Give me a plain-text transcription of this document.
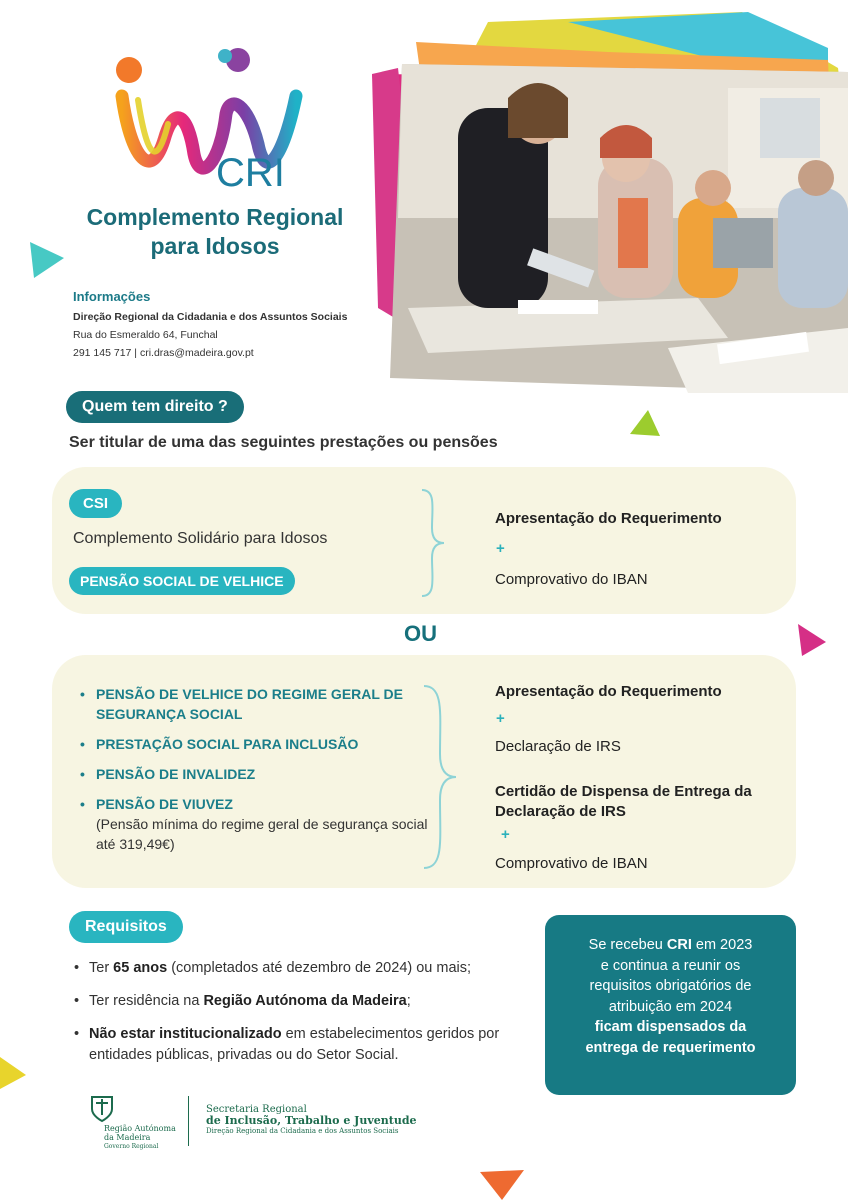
CRI
Complemento Regional
para Idosos
Informações
Direção Regional da Cidadania e dos Assuntos Sociais
Rua do Esmeraldo 64, Funchal
291 145 717 | cri.dras@madeira.gov.pt
Quem tem direito ?
Ser titular de uma das seguintes prestações ou pensões
CSI
Complemento Solidário para Idosos
PENSÃO SOCIAL DE VELHICE
Apresentação do Requerimento
+
Comprovativo do IBAN
OU
• PENSÃO DE VELHICE DO REGIME GERAL DE SEGURANÇA SOCIAL
• PRESTAÇÃO SOCIAL PARA INCLUSÃO
• PENSÃO DE INVALIDEZ
• PENSÃO DE VIUVEZ
(Pensão mínima do regime geral de segurança social até 319,49€)
Apresentação do Requerimento
+
Declaração de IRS
Certidão de Dispensa de Entrega da Declaração de IRS
+
Comprovativo de IBAN
Requisitos
• Ter 65 anos (completados até dezembro de 2024) ou mais;
• Ter residência na Região Autónoma da Madeira;
• Não estar institucionalizado em estabelecimentos geridos por entidades públicas, privadas ou do Setor Social.
Se recebeu CRI em 2023
e continua a reunir os
requisitos obrigatórios de
atribuição em 2024
ficam dispensados da
entrega de requerimento
Região Autónoma
da Madeira
Governo Regional
Secretaria Regional
de Inclusão, Trabalho e Juventude
Direção Regional da Cidadania e dos Assuntos Sociais
